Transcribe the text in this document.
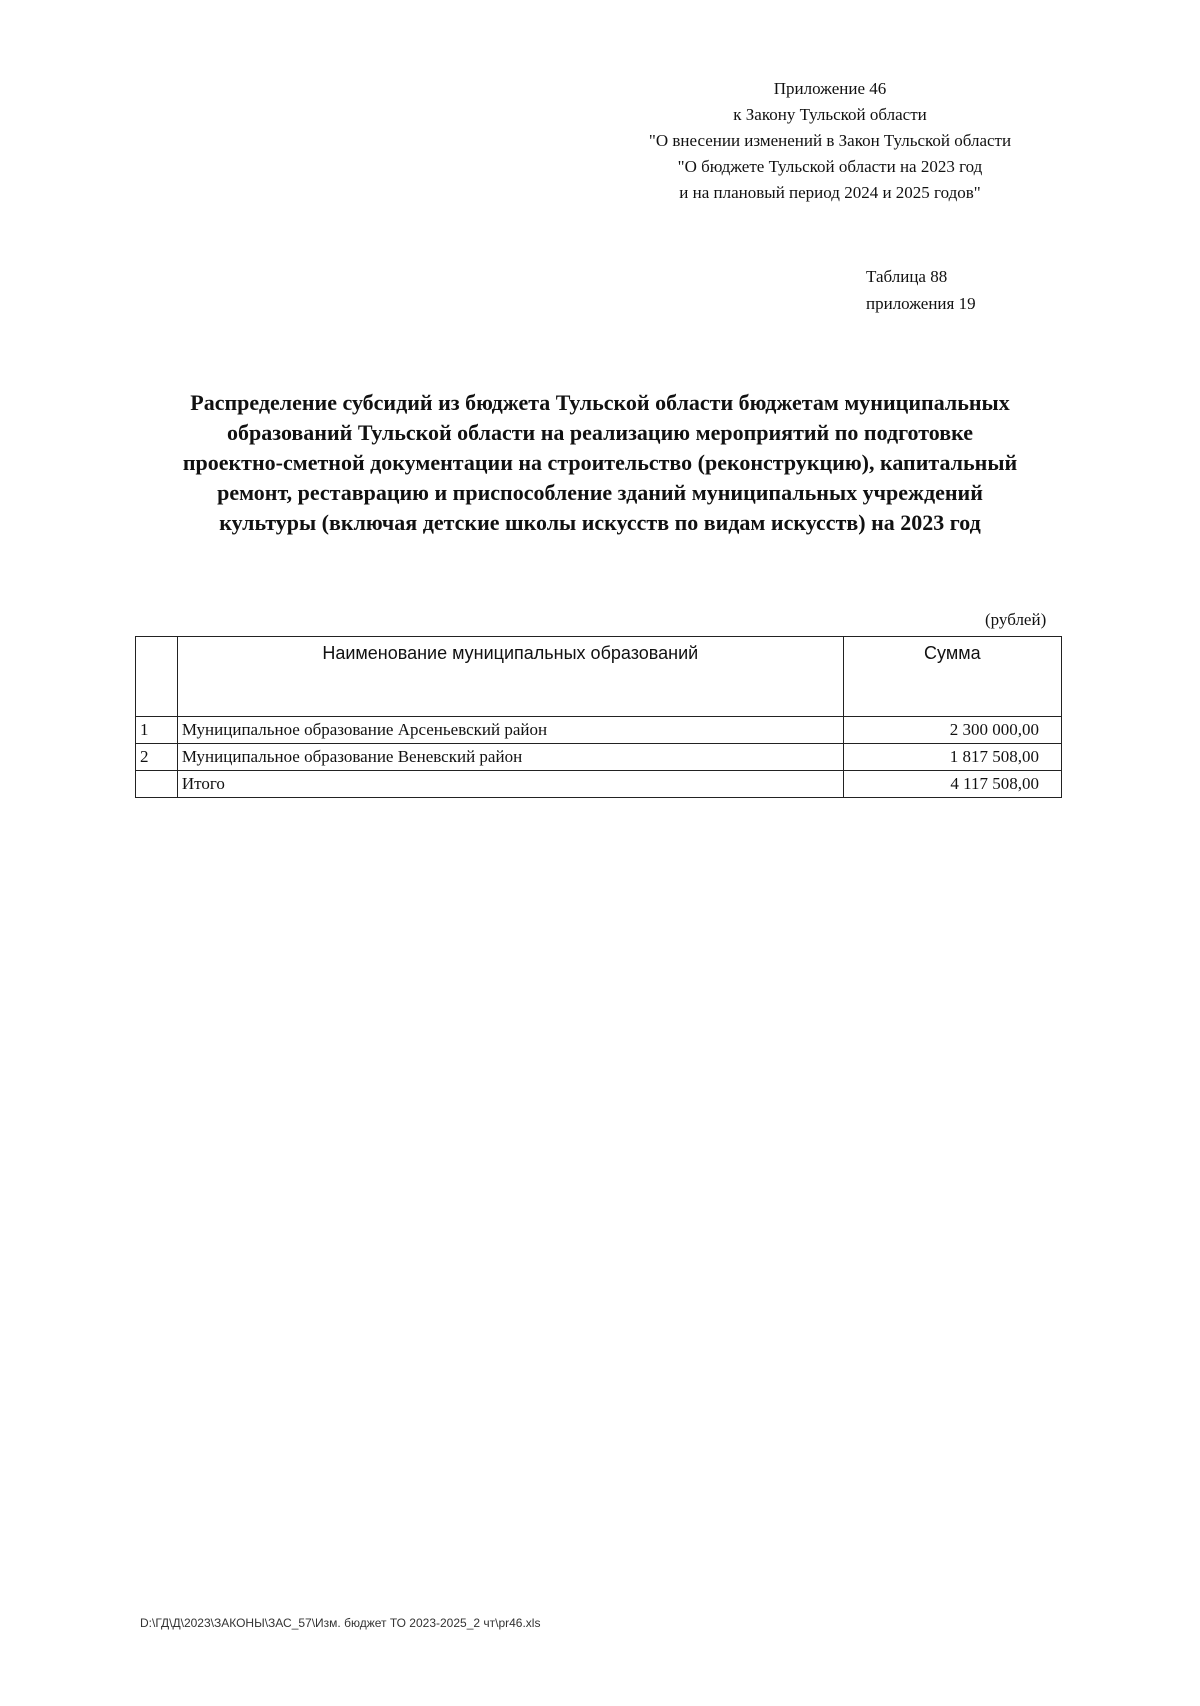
Приложение 46
к Закону Тульской области
"О внесении изменений в Закон Тульской области
"О бюджете Тульской области на 2023 год
и на плановый период 2024 и 2025 годов"
Таблица 88
приложения 19
Распределение субсидий из бюджета Тульской области бюджетам муниципальных
образований Тульской области на реализацию мероприятий по подготовке
проектно-сметной документации на строительство (реконструкцию), капитальный
ремонт, реставрацию и приспособление зданий муниципальных учреждений
культуры (включая детские школы искусств по видам искусств) на 2023 год
(рублей)
	Наименование муниципальных образований	Сумма
1	Муниципальное образование Арсеньевский район	2 300 000,00
2	Муниципальное образование Веневский район	1 817 508,00
	Итого	4 117 508,00
D:\ГД\Д\2023\ЗАКОНЫ\ЗАС_57\Изм. бюджет ТО 2023-2025_2 чт\pr46.xls
